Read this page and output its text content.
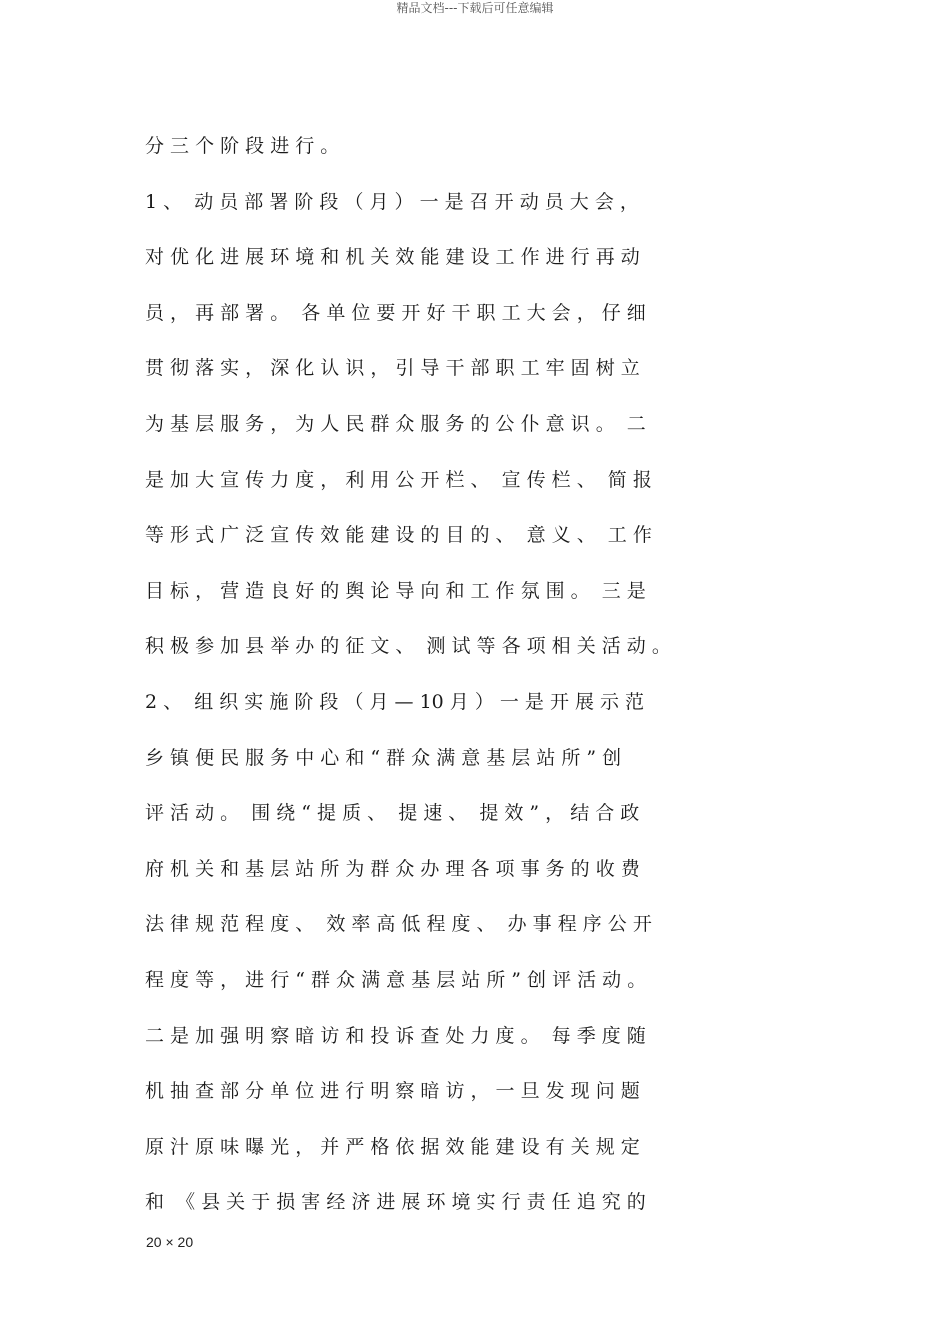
精品文档---下载后可任意编辑
分 三 个 阶 段 进 行 。
1 、  动 员 部 署 阶 段 （ 月 ） 一 是 召 开 动 员 大 会 ，
对 优 化 进 展 环 境 和 机 关 效 能 建 设 工 作 进 行 再 动
员 ， 再 部 署 。  各 单 位 要 开 好 干 职 工 大 会 ， 仔 细
贯 彻 落 实 ， 深 化 认 识 ， 引 导 干 部 职 工 牢 固 树 立
为 基 层 服 务 ， 为 人 民 群 众 服 务 的 公 仆 意 识 。  二
是 加 大 宣 传 力 度 ， 利 用 公 开 栏 、  宣 传 栏 、  简 报
等 形 式 广 泛 宣 传 效 能 建 设 的 目 的 、  意 义 、  工 作
目 标 ， 营 造 良 好 的 舆 论 导 向 和 工 作 氛 围 。  三 是
积 极 参 加 县 举 办 的 征 文 、  测 试 等 各 项 相 关 活 动 。
2 、  组 织 实 施 阶 段 （ 月 — 10 月 ） 一 是 开 展 示 范
乡 镇 便 民 服 务 中 心 和 “ 群 众 满 意 基 层 站 所 ” 创
评 活 动 。  围 绕 “ 提 质 、  提 速 、  提 效 ” ， 结 合 政
府 机 关 和 基 层 站 所 为 群 众 办 理 各 项 事 务 的 收 费
法 律 规 范 程 度 、  效 率 高 低 程 度 、  办 事 程 序 公 开
程 度 等 ， 进 行 “ 群 众 满 意 基 层 站 所 ” 创 评 活 动 。
二 是 加 强 明 察 暗 访 和 投 诉 查 处 力 度 。  每 季 度 随
机 抽 查 部 分 单 位 进 行 明 察 暗 访 ， 一 旦 发 现 问 题
原 汁 原 味 曝 光 ， 并 严 格 依 据 效 能 建 设 有 关 规 定
和  《 县 关 于 损 害 经 济 进 展 环 境 实 行 责 任 追 究 的
20 × 20
